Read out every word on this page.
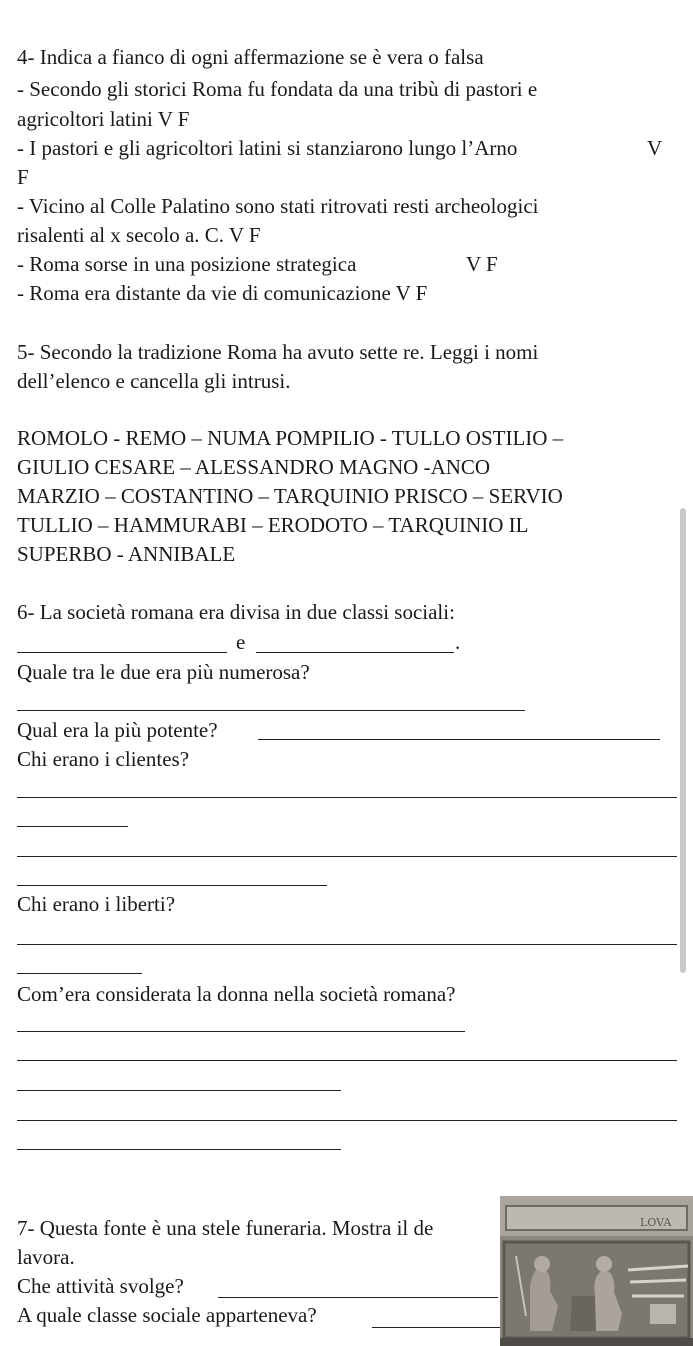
4- Indica a fianco di ogni affermazione se è vera o falsa
- Secondo gli storici Roma fu fondata da una tribù di pastori e
agricoltori latini V F
- I pastori e gli agricoltori latini si stanziarono lungo l’Arno	V
F
- Vicino al Colle Palatino sono stati ritrovati resti archeologici
risalenti al x secolo a. C. V F
- Roma sorse in una posizione strategica	V F
- Roma era distante da vie di comunicazione V F
5- Secondo la tradizione Roma ha avuto sette re. Leggi i nomi
dell’elenco e cancella gli intrusi.
ROMOLO - REMO – NUMA POMPILIO - TULLO OSTILIO –
GIULIO CESARE – ALESSANDRO MAGNO -ANCO
MARZIO – COSTANTINO – TARQUINIO PRISCO – SERVIO
TULLIO – HAMMURABI – ERODOTO – TARQUINIO IL
SUPERBO - ANNIBALE
6- La società romana era divisa in due classi sociali:
e	.
Quale tra le due era più numerosa?
Qual era la più potente?
Chi erano i clientes?
Chi erano i liberti?
Com’era considerata la donna nella società romana?
7- Questa fonte è una stele funeraria. Mostra il de
lavora.
Che attività svolge?
A quale classe sociale apparteneva?
LOVA
